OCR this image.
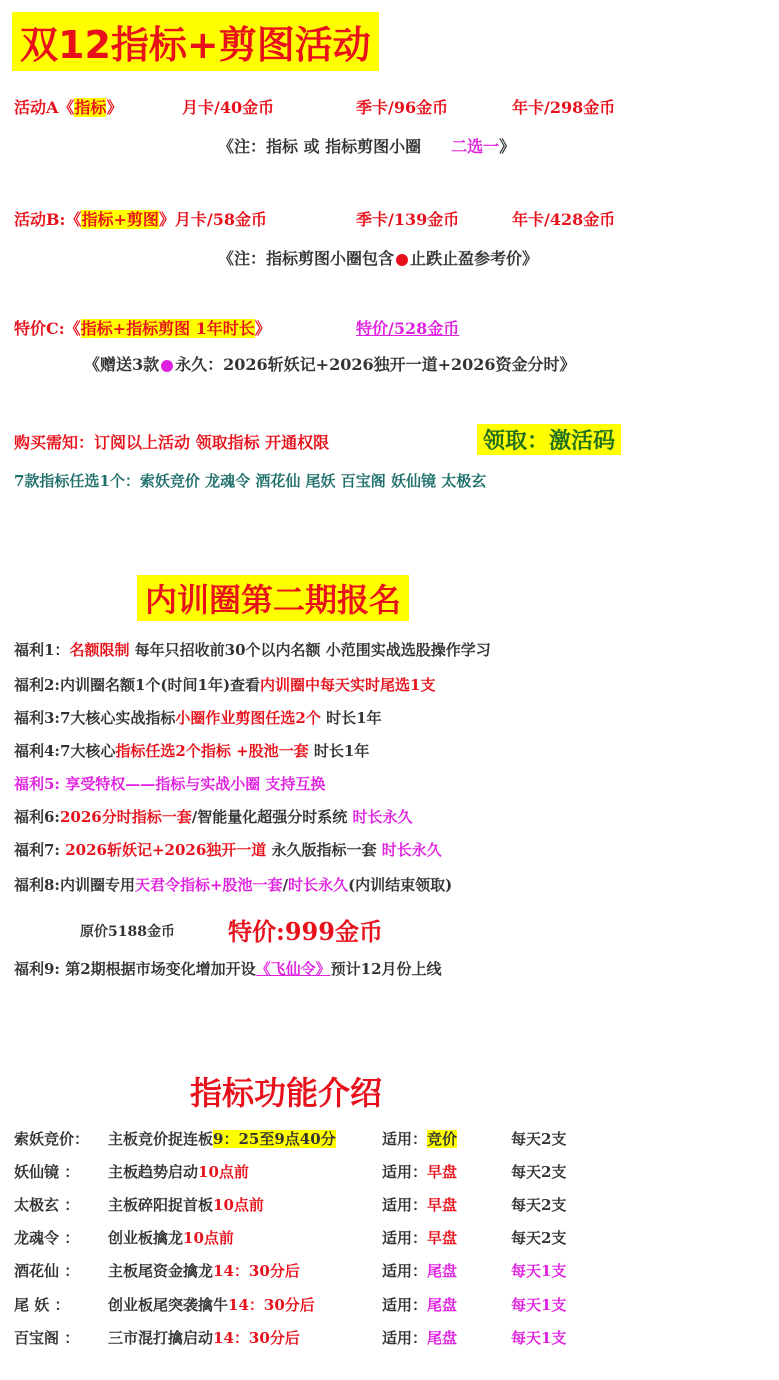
双12指标+剪图活动
活动A《指标》	月卡/40金币	季卡/96金币	年卡/298金币
《注：指标 或 指标剪图小圈 二选一》
活动B:《指标+剪图》月卡/58金币	季卡/139金币	年卡/428金币
《注：指标剪图小圈包含 止跌止盈参考价》
特价C:《指标+指标剪图 1年时长》	特价/528金币
《赠送3款 永久：2026斩妖记+2026独开一道+2026资金分时》
购买需知：订阅以上活动 领取指标 开通权限	领取：激活码
7款指标任选1个：索妖竞价 龙魂令 酒花仙 尾妖 百宝阁 妖仙镜 太极玄
内训圈第二期报名
福利1：名额限制 每年只招收前30个以内名额 小范围实战选股操作学习
福利2:内训圈名额1个(时间1年)查看内训圈中每天实时尾选1支
福利3:7大核心实战指标小圈作业剪图任选2个 时长1年
福利4:7大核心指标任选2个指标 +股池一套 时长1年
福利5: 享受特权——指标与实战小圈 支持互换
福利6:2026分时指标一套/智能量化超强分时系统 时长永久
福利7: 2026斩妖记+2026独开一道 永久版指标一套 时长永久
福利8:内训圈专用天君令指标+股池一套/时长永久(内训结束领取)
原价5188金币 特价:999金币
福利9: 第2期根据市场变化增加开设《飞仙令》预计12月份上线
指标功能介绍
索妖竞价： 主板竞价捉连板9：25至9点40分	适用：竞价	每天2支
妖仙镜 ： 主板趋势启动10点前	适用：早盘	每天2支
太极玄 ： 主板碎阳捉首板10点前	适用：早盘	每天2支
龙魂令 ： 创业板擒龙10点前	适用：早盘	每天2支
酒花仙 ： 主板尾资金擒龙14：30分后	适用：尾盘	每天1支
尾 妖 ：	创业板尾突袭擒牛14：30分后	适用：尾盘	每天1支
百宝阁 ： 三市混打擒启动14：30分后	适用：尾盘	每天1支
